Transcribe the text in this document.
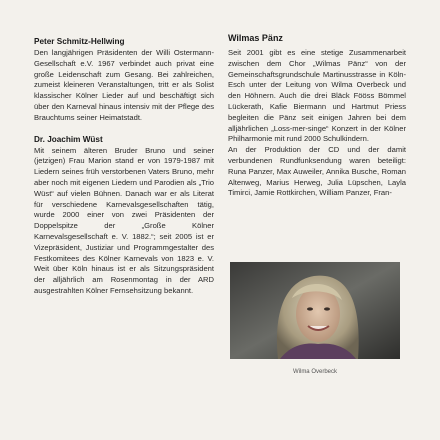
Peter Schmitz-Hellwing

Den langjährigen Präsidenten der Willi Ostermann-Gesellschaft e.V. 1967 verbindet auch privat eine große Leidenschaft zum Gesang. Bei zahlreichen, zumeist kleineren Veranstaltungen, tritt er als Solist klassischer Kölner Lieder auf und beschäftigt sich über den Karneval hinaus intensiv mit der Pflege des Brauchtums seiner Heimatstadt.

Dr. Joachim Wüst

Mit seinem älteren Bruder Bruno und seiner (jetzigen) Frau Marion stand er von 1979-1987 mit Liedern seines früh verstorbenen Vaters Bruno, mehr aber noch mit eigenen Liedern und Parodien als „Trio Wüst“ auf vielen Bühnen. Danach war er als Literat für verschiedene Karnevalsgesellschaften tätig, wurde 2000 einer von zwei Präsidenten der Doppelspitze der „Große Kölner Karnevalsgesellschaft e. V. 1882.“; seit 2005 ist er Vizepräsident, Justiziar und Programmgestalter des Festkomitees des Kölner Karnevals von 1823 e. V. Weit über Köln hinaus ist er als Sitzungspräsident der alljährlich am Rosenmontag in der ARD ausgestrahlten Kölner Fernsehsitzung bekannt.

Wilmas Pänz

Seit 2001 gibt es eine stetige Zusammenarbeit zwischen dem Chor „Wilmas Pänz“ von der Gemeinschaftsgrundschule Martinusstrasse in Köln-Esch unter der Leitung von Wilma Overbeck und den Höhnern. Auch die drei Bläck Fööss Bömmel Lückerath, Kafie Biermann und Hartmut Priess begleiten die Pänz seit einigen Jahren bei dem alljährlichen „Loss-mer-singe“ Konzert in der Kölner Philharmonie mit rund 2000 Schulkindern.

An der Produktion der CD und der damit verbundenen Rundfunksendung waren beteiligt: Runa Panzer, Max Auweiler, Annika Busche, Roman Altenweg, Marius Herweg, Julia Lüpschen, Layla Timirci, Jamie Rottkirchen, William Panzer, Fran-

Wilma Overbeck
